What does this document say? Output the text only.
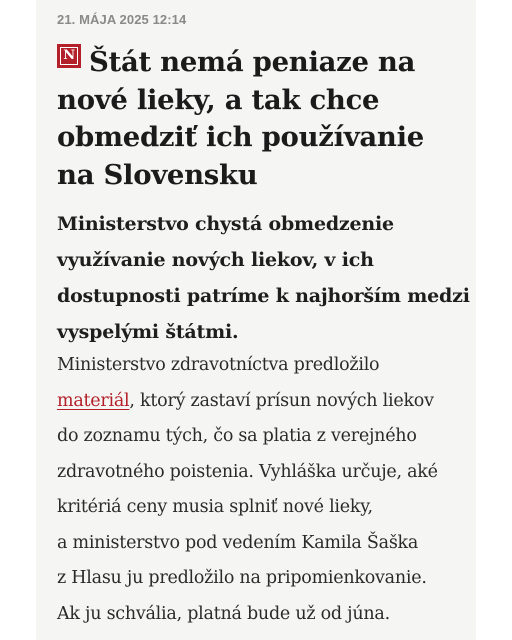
21. MÁJA 2025 12:14
N Štát nemá peniaze na
nové lieky, a tak chce
obmedziť ich používanie
na Slovensku

Ministerstvo chystá obmedzenie
využívanie nových liekov, v ich
dostupnosti patríme k najhorším medzi
vyspelými štátmi.

Ministerstvo zdravotníctva predložilo
materiál, ktorý zastaví prísun nových liekov
do zoznamu tých, čo sa platia z verejného
zdravotného poistenia. Vyhláška určuje, aké
kritériá ceny musia splniť nové lieky,
a ministerstvo pod vedením Kamila Šaška
z Hlasu ju predložilo na pripomienkovanie.
Ak ju schvália, platná bude už od júna.
